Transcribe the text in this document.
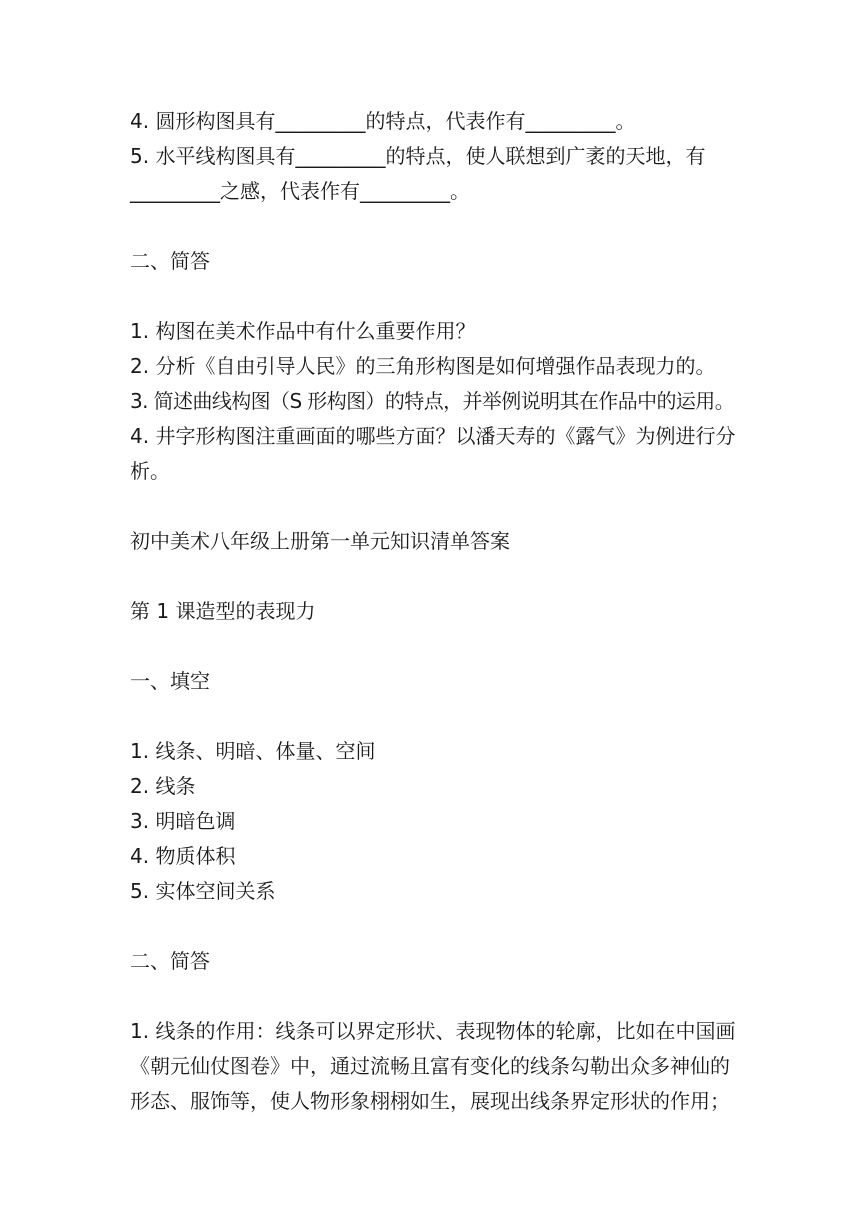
4. 圆形构图具有_________的特点，代表作有_________。
5. 水平线构图具有_________的特点，使人联想到广袤的天地，有
_________之感，代表作有_________。
二、简答
1. 构图在美术作品中有什么重要作用？
2. 分析《自由引导人民》的三角形构图是如何增强作品表现力的。
3. 简述曲线构图（S 形构图）的特点，并举例说明其在作品中的运用。
4. 井字形构图注重画面的哪些方面？以潘天寿的《露气》为例进行分
析。
初中美术八年级上册第一单元知识清单答案
第 1 课造型的表现力
一、填空
1. 线条、明暗、体量、空间
2. 线条
3. 明暗色调
4. 物质体积
5. 实体空间关系
二、简答
1. 线条的作用：线条可以界定形状、表现物体的轮廓，比如在中国画
《朝元仙仗图卷》中，通过流畅且富有变化的线条勾勒出众多神仙的
形态、服饰等，使人物形象栩栩如生，展现出线条界定形状的作用；
